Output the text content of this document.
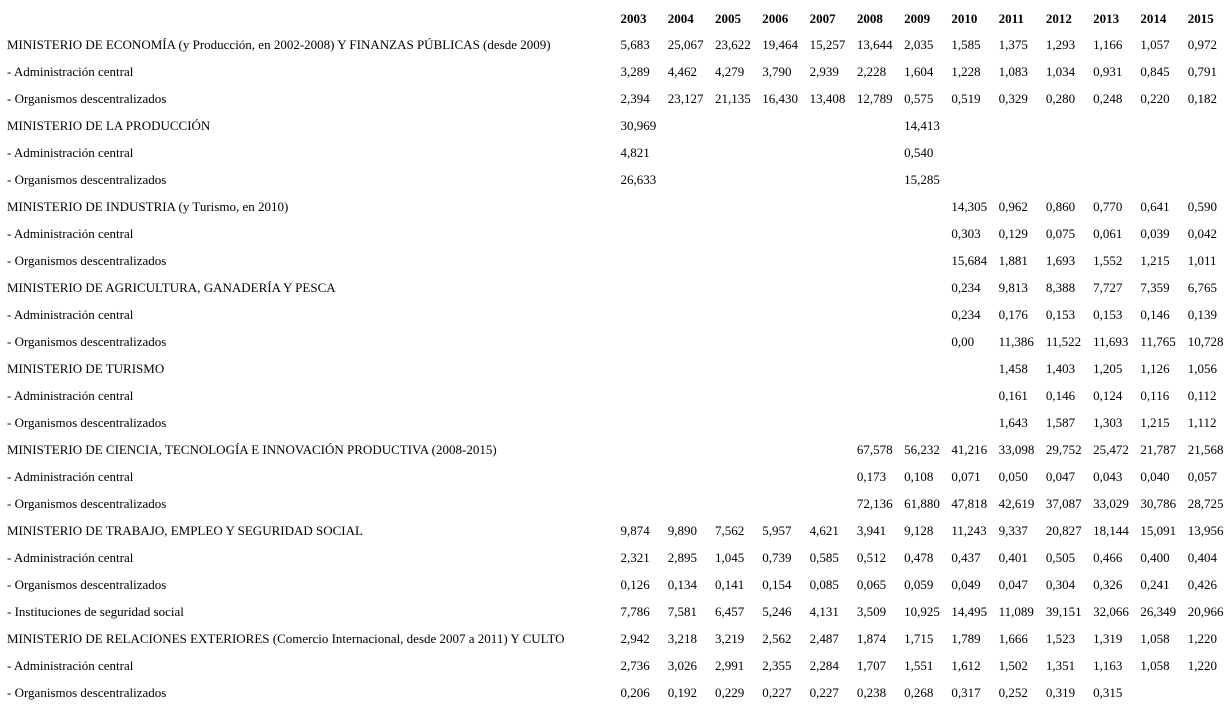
	2003	2004	2005	2006	2007	2008	2009	2010	2011	2012	2013	2014	2015
MINISTERIO DE ECONOMÍA (y Producción, en 2002-2008) Y FINANZAS PÚBLICAS (desde 2009)	5,683	25,067	23,622	19,464	15,257	13,644	2,035	1,585	1,375	1,293	1,166	1,057	0,972
- Administración central	3,289	4,462	4,279	3,790	2,939	2,228	1,604	1,228	1,083	1,034	0,931	0,845	0,791
- Organismos descentralizados	2,394	23,127	21,135	16,430	13,408	12,789	0,575	0,519	0,329	0,280	0,248	0,220	0,182
MINISTERIO DE LA PRODUCCIÓN	30,969						14,413						
- Administración central	4,821						0,540						
- Organismos descentralizados	26,633						15,285						
MINISTERIO DE INDUSTRIA (y Turismo, en 2010)								14,305	0,962	0,860	0,770	0,641	0,590
- Administración central								0,303	0,129	0,075	0,061	0,039	0,042
- Organismos descentralizados								15,684	1,881	1,693	1,552	1,215	1,011
MINISTERIO DE AGRICULTURA, GANADERÍA Y PESCA								0,234	9,813	8,388	7,727	7,359	6,765
- Administración central								0,234	0,176	0,153	0,153	0,146	0,139
- Organismos descentralizados								0,00	11,386	11,522	11,693	11,765	10,728
MINISTERIO DE TURISMO									1,458	1,403	1,205	1,126	1,056
- Administración central									0,161	0,146	0,124	0,116	0,112
- Organismos descentralizados									1,643	1,587	1,303	1,215	1,112
MINISTERIO DE CIENCIA, TECNOLOGÍA E INNOVACIÓN PRODUCTIVA (2008-2015)						67,578	56,232	41,216	33,098	29,752	25,472	21,787	21,568
- Administración central						0,173	0,108	0,071	0,050	0,047	0,043	0,040	0,057
- Organismos descentralizados						72,136	61,880	47,818	42,619	37,087	33,029	30,786	28,725
MINISTERIO DE TRABAJO, EMPLEO Y SEGURIDAD SOCIAL	9,874	9,890	7,562	5,957	4,621	3,941	9,128	11,243	9,337	20,827	18,144	15,091	13,956
- Administración central	2,321	2,895	1,045	0,739	0,585	0,512	0,478	0,437	0,401	0,505	0,466	0,400	0,404
- Organismos descentralizados	0,126	0,134	0,141	0,154	0,085	0,065	0,059	0,049	0,047	0,304	0,326	0,241	0,426
- Instituciones de seguridad social	7,786	7,581	6,457	5,246	4,131	3,509	10,925	14,495	11,089	39,151	32,066	26,349	20,966
MINISTERIO DE RELACIONES EXTERIORES (Comercio Internacional, desde 2007 a 2011) Y CULTO	2,942	3,218	3,219	2,562	2,487	1,874	1,715	1,789	1,666	1,523	1,319	1,058	1,220
- Administración central	2,736	3,026	2,991	2,355	2,284	1,707	1,551	1,612	1,502	1,351	1,163	1,058	1,220
- Organismos descentralizados	0,206	0,192	0,229	0,227	0,227	0,238	0,268	0,317	0,252	0,319	0,315		
